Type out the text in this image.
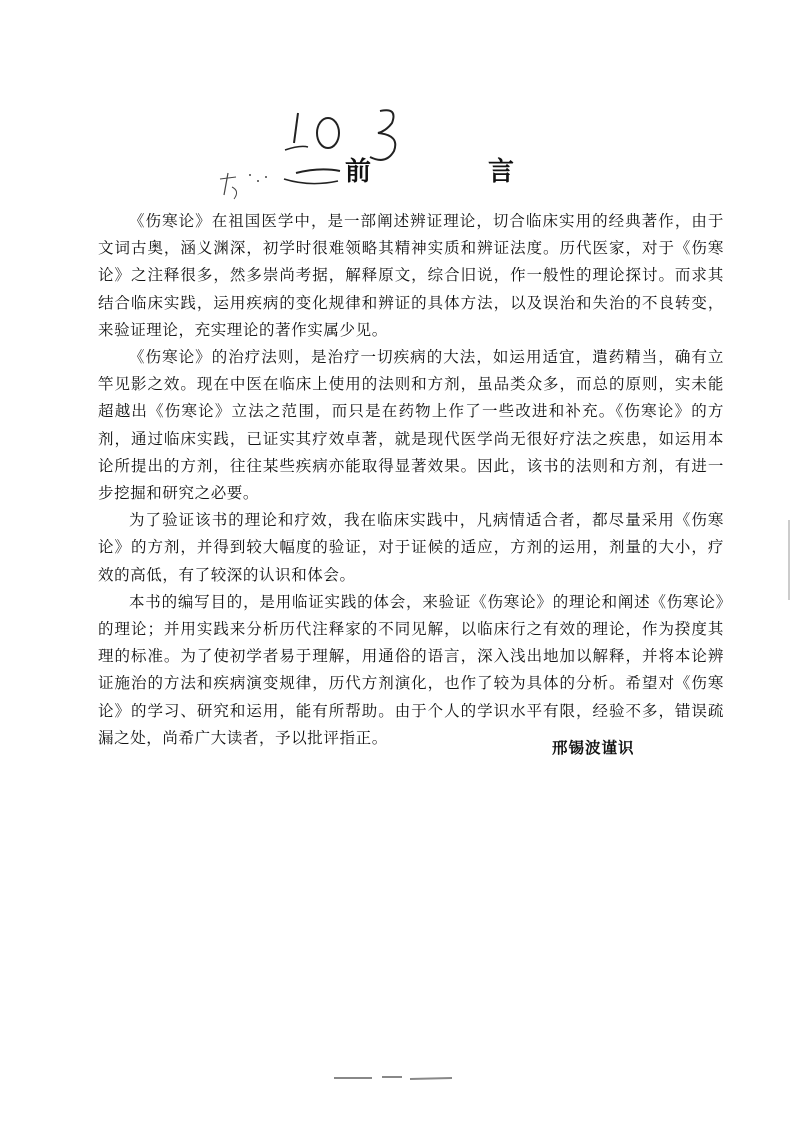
前 言

《伤寒论》在祖国医学中，是一部阐述辨证理论，切合临床实用的经典著作，由于文词古奥，涵义渊深，初学时很难领略其精神实质和辨证法度。历代医家，对于《伤寒论》之注释很多，然多崇尚考据，解释原文，综合旧说，作一般性的理论探讨。而求其结合临床实践，运用疾病的变化规律和辨证的具体方法，以及误治和失治的不良转变，来验证理论，充实理论的著作实属少见。

《伤寒论》的治疗法则，是治疗一切疾病的大法，如运用适宜，遣药精当，确有立竿见影之效。现在中医在临床上使用的法则和方剂，虽品类众多，而总的原则，实未能超越出《伤寒论》立法之范围，而只是在药物上作了一些改进和补充。《伤寒论》的方剂，通过临床实践，已证实其疗效卓著，就是现代医学尚无很好疗法之疾患，如运用本论所提出的方剂，往往某些疾病亦能取得显著效果。因此，该书的法则和方剂，有进一步挖掘和研究之必要。

为了验证该书的理论和疗效，我在临床实践中，凡病情适合者，都尽量采用《伤寒论》的方剂，并得到较大幅度的验证，对于证候的适应，方剂的运用，剂量的大小，疗效的高低，有了较深的认识和体会。

本书的编写目的，是用临证实践的体会，来验证《伤寒论》的理论和阐述《伤寒论》的理论；并用实践来分析历代注释家的不同见解，以临床行之有效的理论，作为揆度其理的标准。为了使初学者易于理解，用通俗的语言，深入浅出地加以解释，并将本论辨证施治的方法和疾病演变规律，历代方剂演化，也作了较为具体的分析。希望对《伤寒论》的学习、研究和运用，能有所帮助。由于个人的学识水平有限，经验不多，错误疏漏之处，尚希广大读者，予以批评指正。

邢锡波谨识
